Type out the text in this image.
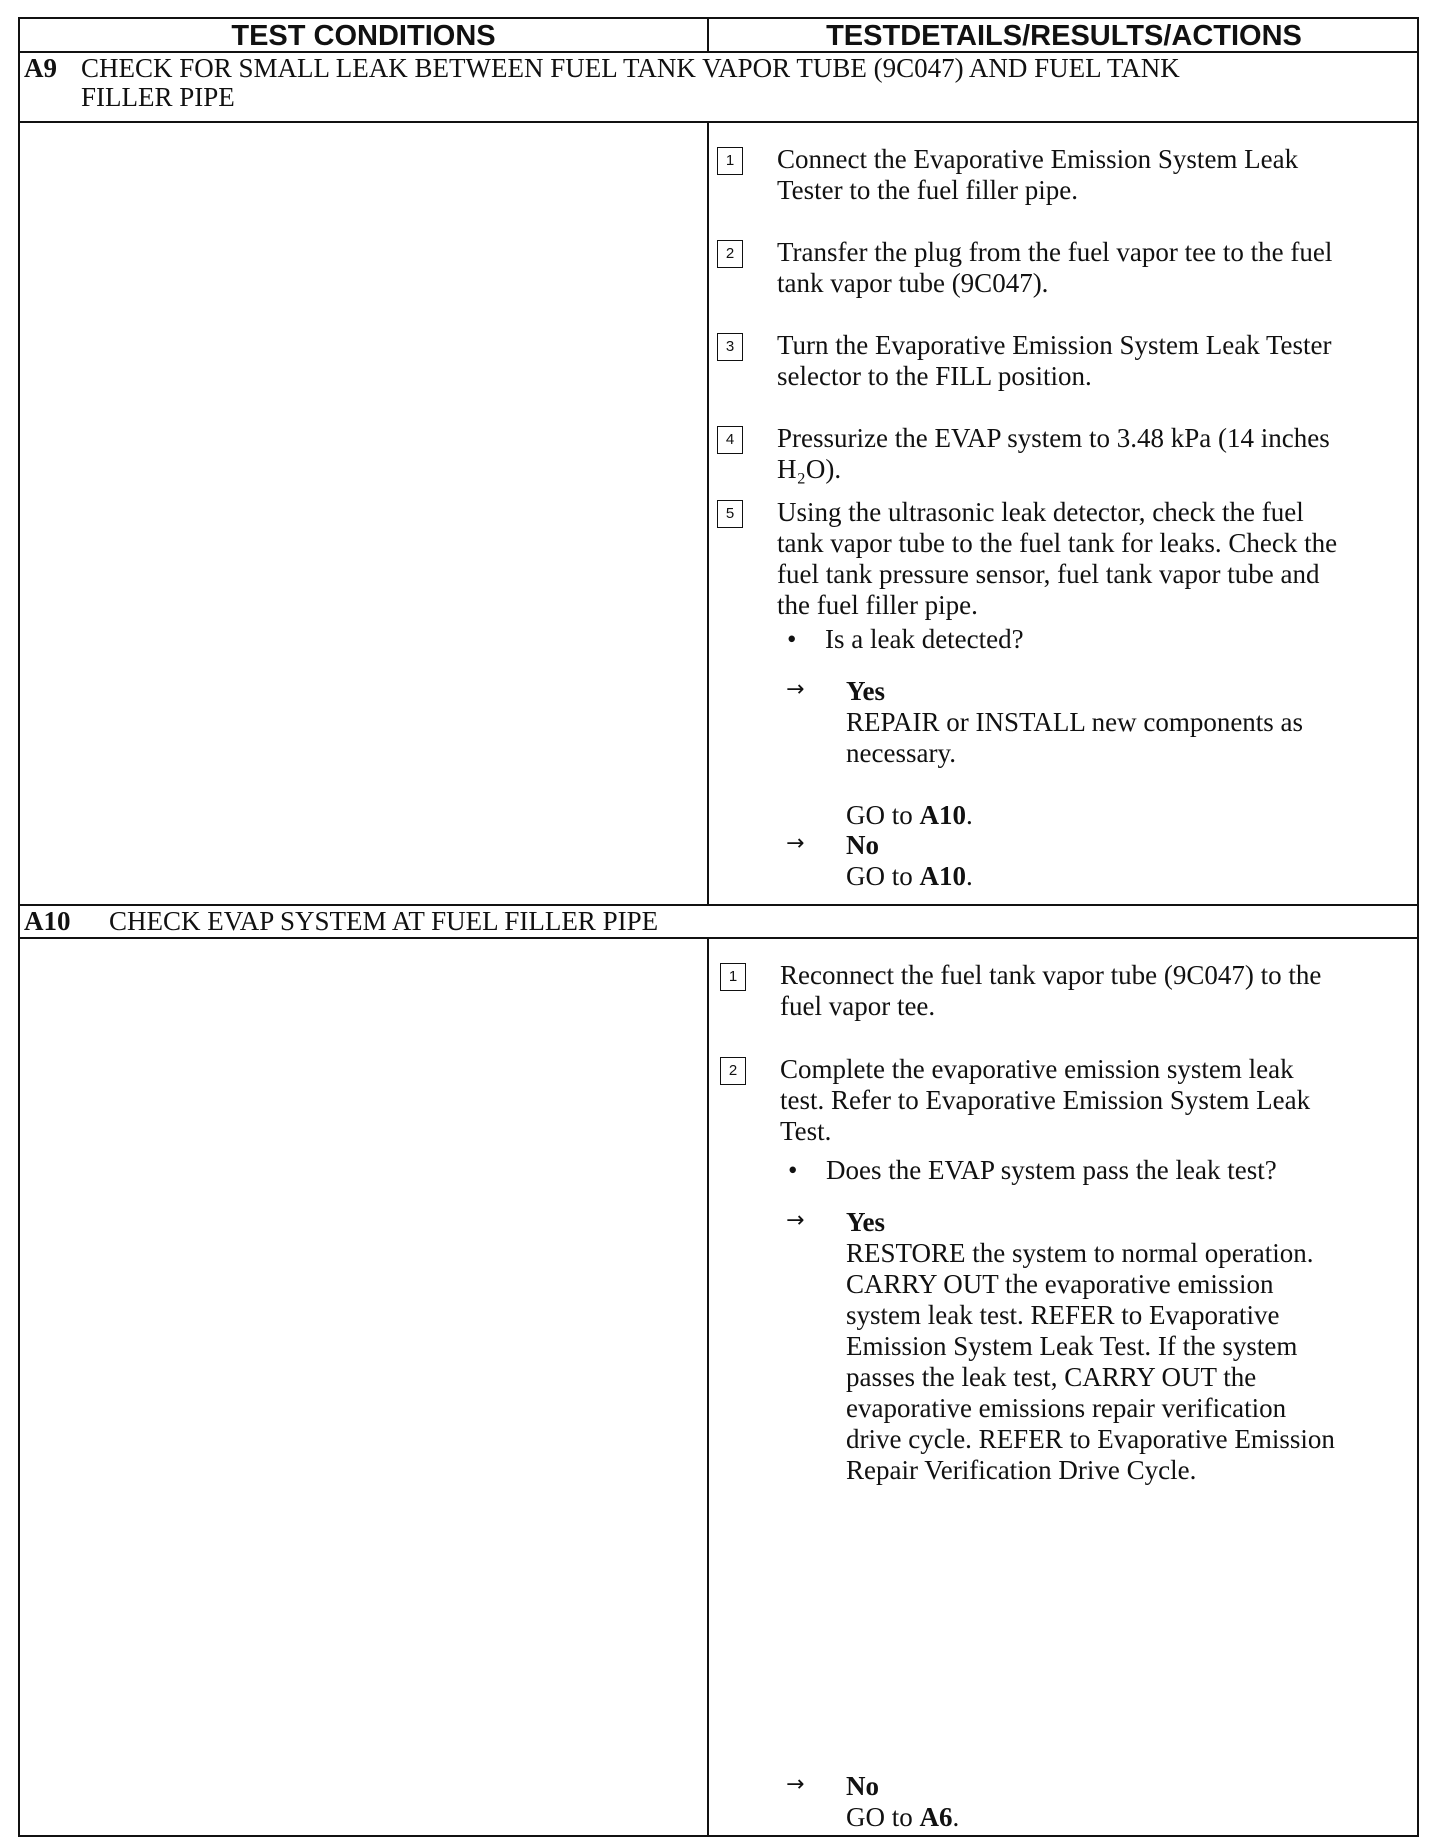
TEST CONDITIONS	TESTDETAILS/RESULTS/ACTIONS
A9 CHECK FOR SMALL LEAK BETWEEN FUEL TANK VAPOR TUBE (9C047) AND FUEL TANK
FILLER PIPE
1	Connect the Evaporative Emission System Leak
Tester to the fuel filler pipe.
2	Transfer the plug from the fuel vapor tee to the fuel
tank vapor tube (9C047).
3	Turn the Evaporative Emission System Leak Tester
selector to the FILL position.
4	Pressurize the EVAP system to 3.48 kPa (14 inches
H₂O).
5	Using the ultrasonic leak detector, check the fuel
tank vapor tube to the fuel tank for leaks. Check the
fuel tank pressure sensor, fuel tank vapor tube and
the fuel filler pipe.
• Is a leak detected?
→ Yes
REPAIR or INSTALL new components as
necessary.
GO to A10.
→ No
GO to A10.
A10 CHECK EVAP SYSTEM AT FUEL FILLER PIPE
1	Reconnect the fuel tank vapor tube (9C047) to the
fuel vapor tee.
2	Complete the evaporative emission system leak
test. Refer to Evaporative Emission System Leak
Test.
• Does the EVAP system pass the leak test?
→ Yes
RESTORE the system to normal operation.
CARRY OUT the evaporative emission
system leak test. REFER to Evaporative
Emission System Leak Test. If the system
passes the leak test, CARRY OUT the
evaporative emissions repair verification
drive cycle. REFER to Evaporative Emission
Repair Verification Drive Cycle.
→ No
GO to A6.
